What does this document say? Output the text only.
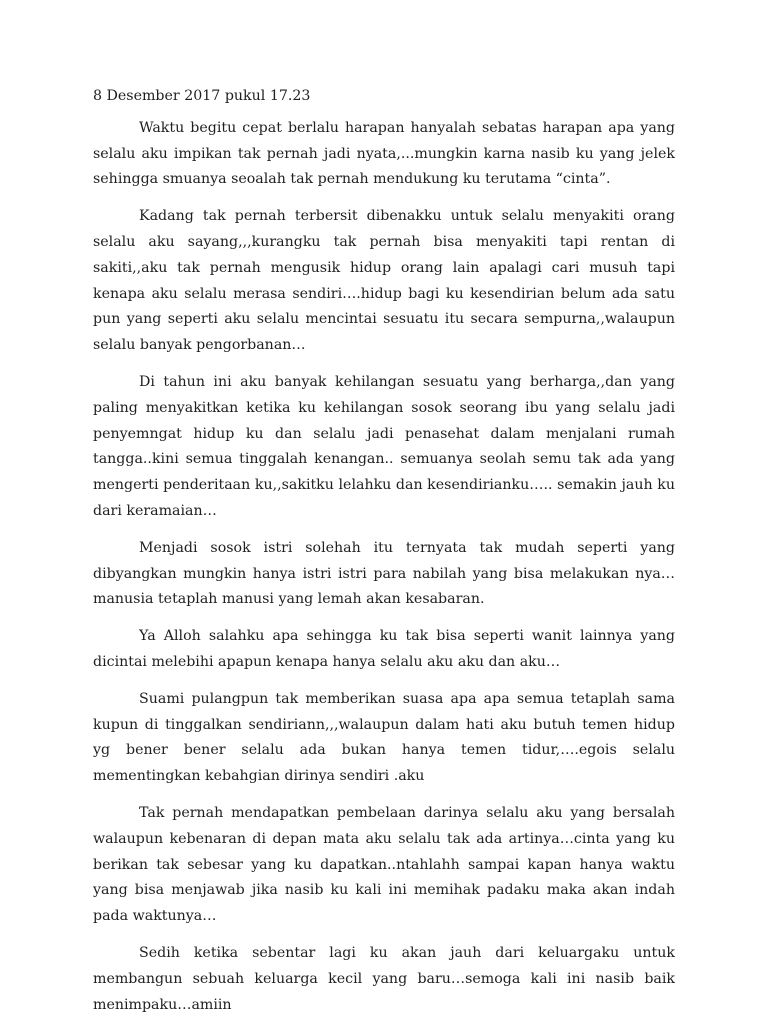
8 Desember 2017 pukul 17.23

Waktu begitu cepat berlalu harapan hanyalah sebatas harapan apa yang selalu aku impikan tak pernah jadi nyata,...mungkin karna nasib ku yang jelek sehingga smuanya seoalah tak pernah mendukung ku terutama “cinta”.

Kadang tak pernah terbersit dibenakku untuk selalu menyakiti orang selalu aku sayang,,,kurangku tak pernah bisa menyakiti tapi rentan di sakiti,,aku tak pernah mengusik hidup orang lain apalagi cari musuh tapi kenapa aku selalu merasa sendiri….hidup bagi ku kesendirian belum ada satu pun yang seperti aku selalu mencintai sesuatu itu secara sempurna,,walaupun selalu banyak pengorbanan…

Di tahun ini aku banyak kehilangan sesuatu yang berharga,,dan yang paling menyakitkan ketika ku kehilangan sosok seorang ibu yang selalu jadi penyemngat hidup ku dan selalu jadi penasehat dalam menjalani rumah tangga..kini semua tinggalah kenangan.. semuanya seolah semu tak ada yang mengerti penderitaan ku,,sakitku lelahku dan kesendirianku….. semakin jauh ku dari keramaian…

Menjadi sosok istri solehah itu ternyata tak mudah seperti yang dibyangkan mungkin hanya istri istri para nabilah yang bisa melakukan nya…manusia tetaplah manusi yang lemah akan kesabaran.

Ya Alloh salahku apa sehingga ku tak bisa seperti wanit lainnya yang dicintai melebihi apapun kenapa hanya selalu aku aku dan aku…

Suami pulangpun tak memberikan suasa apa apa semua tetaplah sama kupun di tinggalkan sendiriann,,,walaupun dalam hati aku butuh temen hidup yg bener bener selalu ada bukan hanya temen tidur,….egois selalu mementingkan kebahgian dirinya sendiri .aku

Tak pernah mendapatkan pembelaan darinya selalu aku yang bersalah walaupun kebenaran di depan mata aku selalu tak ada artinya…cinta yang ku berikan tak sebesar yang ku dapatkan..ntahlahh sampai kapan hanya waktu yang bisa menjawab jika nasib ku kali ini memihak padaku maka akan indah pada waktunya…

Sedih ketika sebentar lagi ku akan jauh dari keluargaku untuk membangun sebuah keluarga kecil yang baru…semoga kali ini nasib baik menimpaku…amiin
